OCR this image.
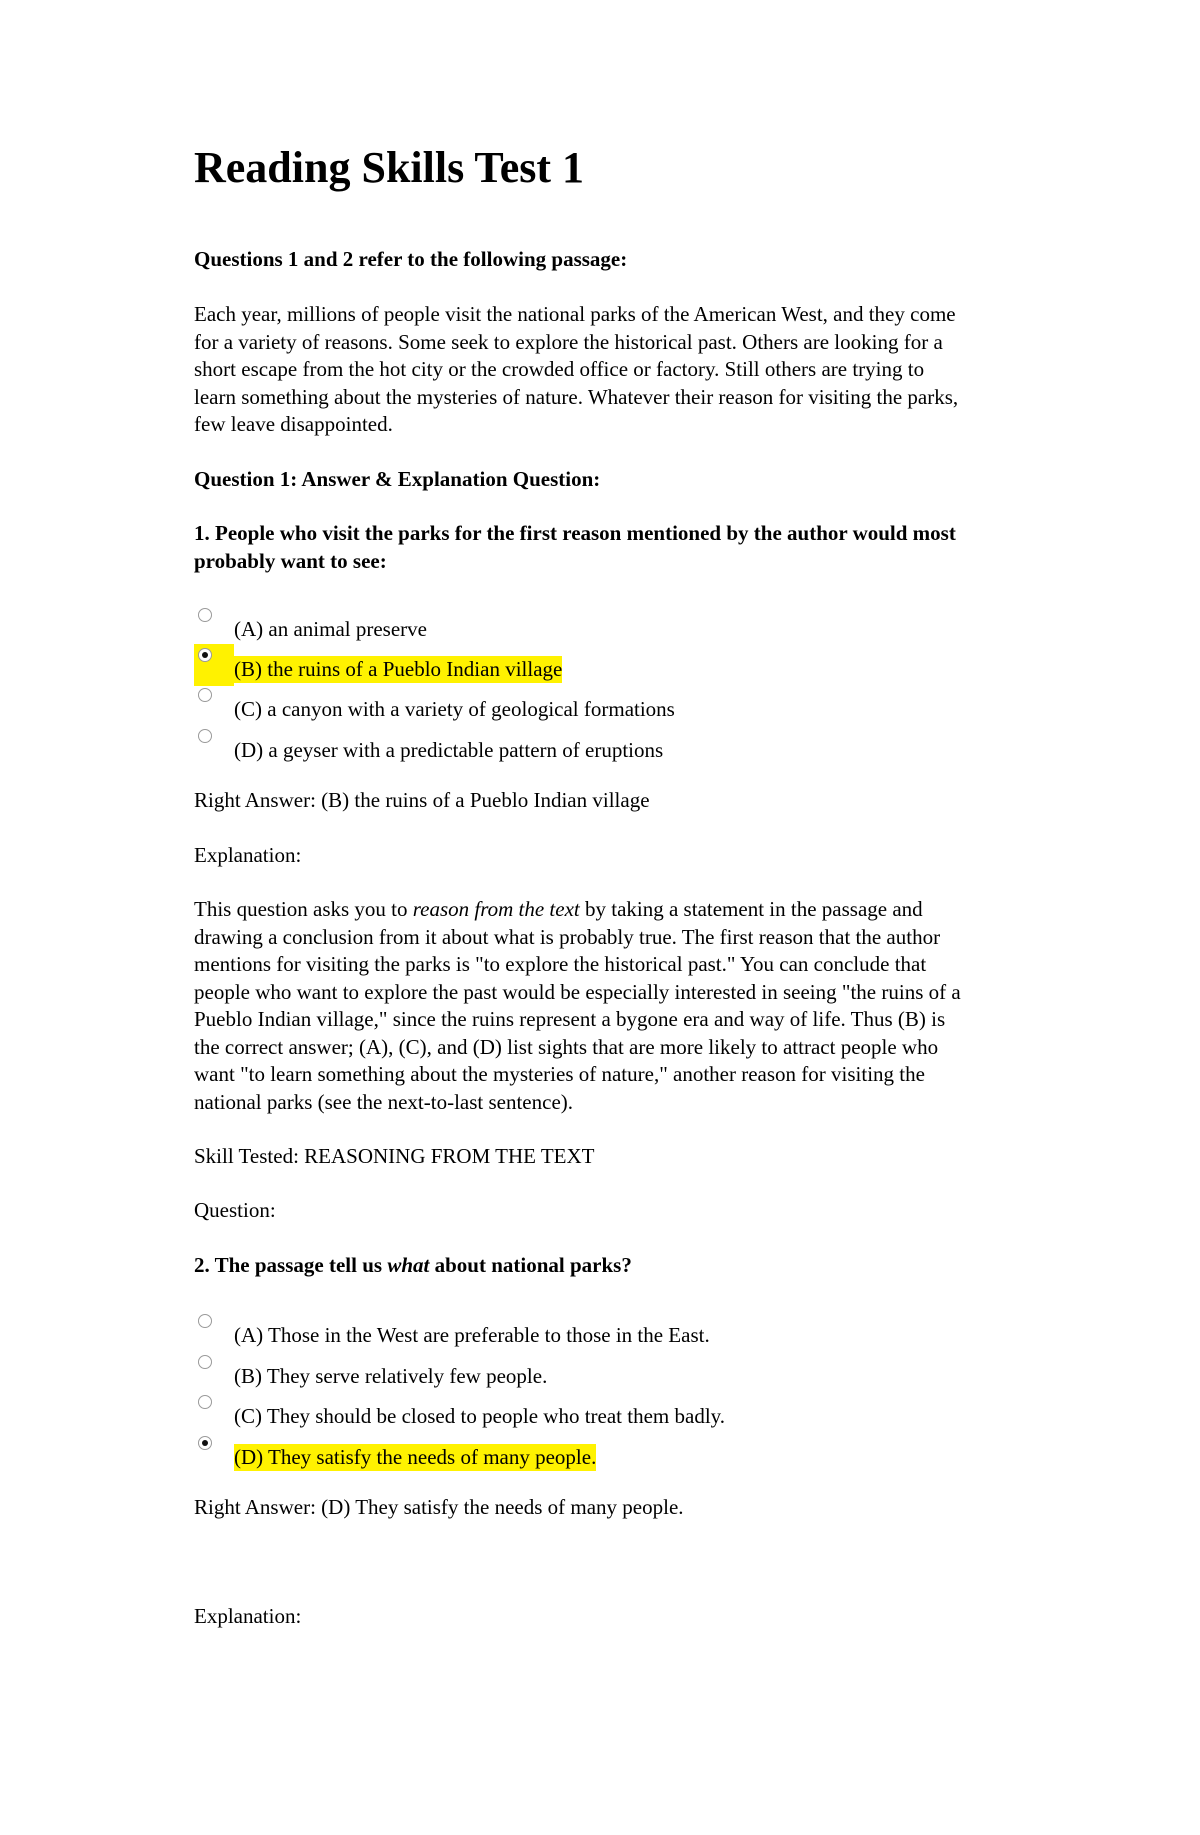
Reading Skills Test 1

Questions 1 and 2 refer to the following passage:

Each year, millions of people visit the national parks of the American West, and they come
for a variety of reasons. Some seek to explore the historical past. Others are looking for a
short escape from the hot city or the crowded office or factory. Still others are trying to
learn something about the mysteries of nature. Whatever their reason for visiting the parks,
few leave disappointed.

Question 1: Answer & Explanation Question:

1. People who visit the parks for the first reason mentioned by the author would most
probably want to see:
(A) an animal preserve
(B) the ruins of a Pueblo Indian village
(C) a canyon with a variety of geological formations
(D) a geyser with a predictable pattern of eruptions

Right Answer: (B) the ruins of a Pueblo Indian village

Explanation:

This question asks you to reason from the text by taking a statement in the passage and
drawing a conclusion from it about what is probably true. The first reason that the author
mentions for visiting the parks is "to explore the historical past." You can conclude that
people who want to explore the past would be especially interested in seeing "the ruins of a
Pueblo Indian village," since the ruins represent a bygone era and way of life. Thus (B) is
the correct answer; (A), (C), and (D) list sights that are more likely to attract people who
want "to learn something about the mysteries of nature," another reason for visiting the
national parks (see the next-to-last sentence).

Skill Tested: REASONING FROM THE TEXT

Question:

2. The passage tell us what about national parks?
(A) Those in the West are preferable to those in the East.
(B) They serve relatively few people.
(C) They should be closed to people who treat them badly.
(D) They satisfy the needs of many people.

Right Answer: (D) They satisfy the needs of many people.

Explanation:
